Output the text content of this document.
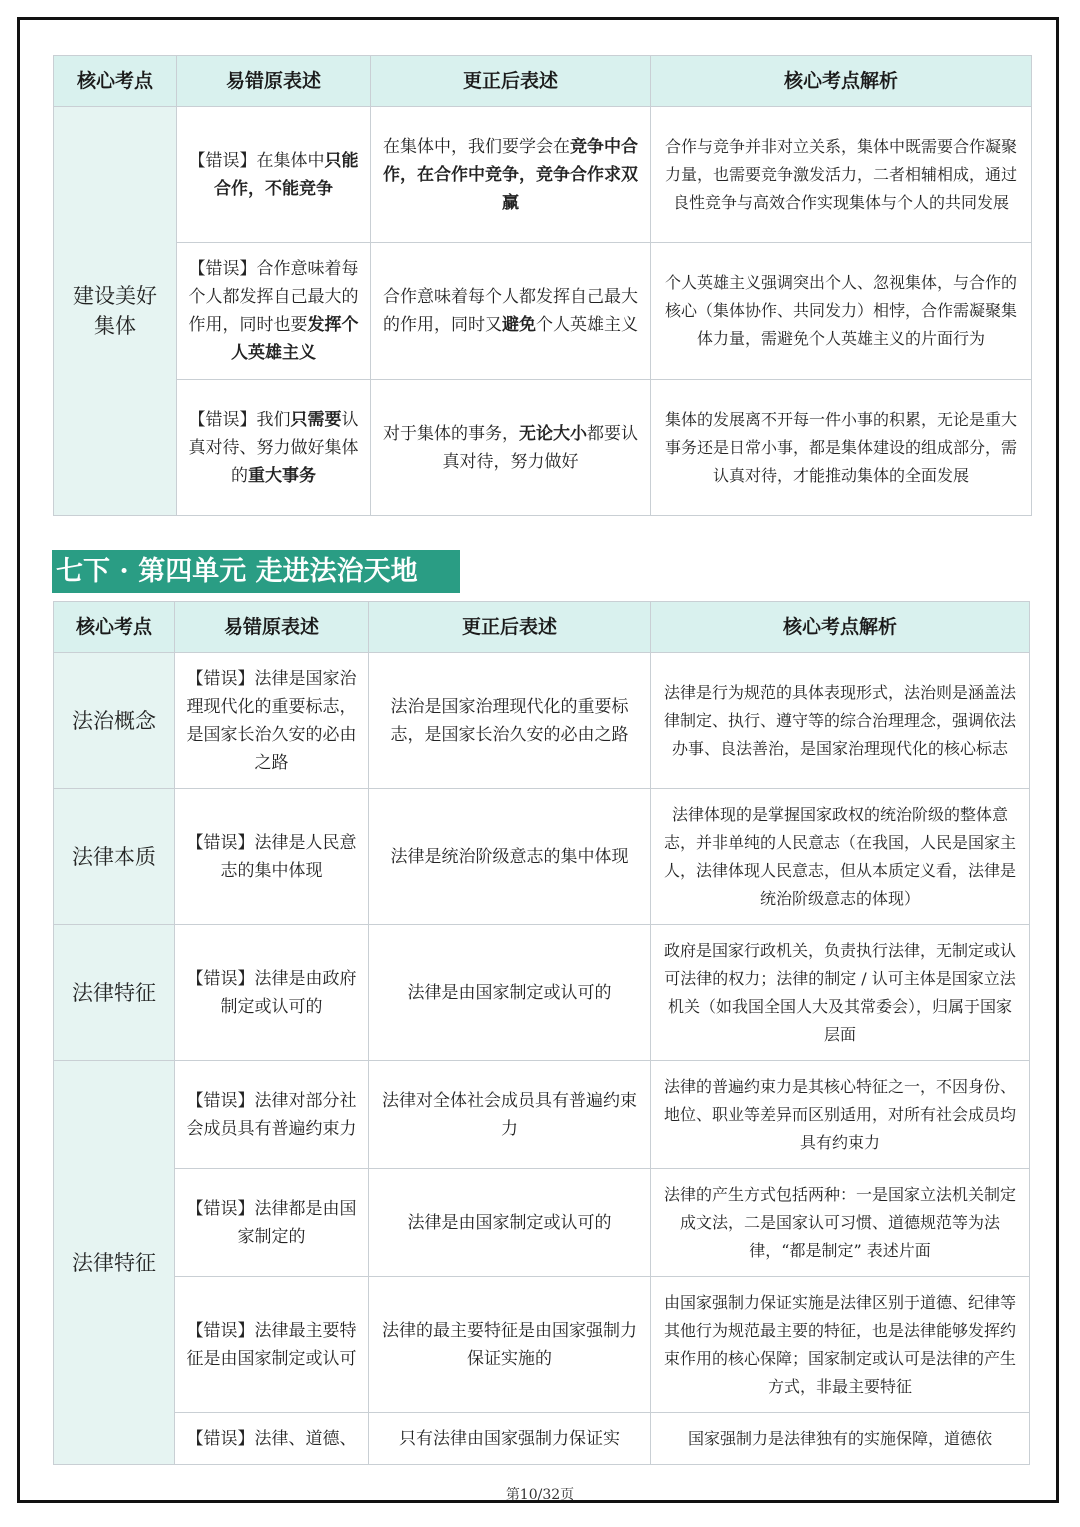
核心考点	易错原表述	更正后表述	核心考点解析
建设美好集体	【错误】在集体中只能合作，不能竞争	在集体中，我们要学会在竞争中合作，在合作中竞争，竞争合作求双赢	合作与竞争并非对立关系，集体中既需要合作凝聚力量，也需要竞争激发活力，二者相辅相成，通过良性竞争与高效合作实现集体与个人的共同发展
	【错误】合作意味着每个人都发挥自己最大的作用，同时也要发挥个人英雄主义	合作意味着每个人都发挥自己最大的作用，同时又避免个人英雄主义	个人英雄主义强调突出个人、忽视集体，与合作的核心（集体协作、共同发力）相悖，合作需凝聚集体力量，需避免个人英雄主义的片面行为
	【错误】我们只需要认真对待、努力做好集体的重大事务	对于集体的事务，无论大小都要认真对待，努力做好	集体的发展离不开每一件小事的积累，无论是重大事务还是日常小事，都是集体建设的组成部分，需认真对待，才能推动集体的全面发展
七下 · 第四单元 走进法治天地
核心考点	易错原表述	更正后表述	核心考点解析
法治概念	【错误】法律是国家治理现代化的重要标志，是国家长治久安的必由之路	法治是国家治理现代化的重要标志，是国家长治久安的必由之路	法律是行为规范的具体表现形式，法治则是涵盖法律制定、执行、遵守等的综合治理理念，强调依法办事、良法善治，是国家治理现代化的核心标志
法律本质	【错误】法律是人民意志的集中体现	法律是统治阶级意志的集中体现	法律体现的是掌握国家政权的统治阶级的整体意志，并非单纯的人民意志（在我国，人民是国家主人，法律体现人民意志，但从本质定义看，法律是统治阶级意志的体现）
法律特征	【错误】法律是由政府制定或认可的	法律是由国家制定或认可的	政府是国家行政机关，负责执行法律，无制定或认可法律的权力；法律的制定 / 认可主体是国家立法机关（如我国全国人大及其常委会），归属于国家层面
法律特征	【错误】法律对部分社会成员具有普遍约束力	法律对全体社会成员具有普遍约束力	法律的普遍约束力是其核心特征之一，不因身份、地位、职业等差异而区别适用，对所有社会成员均具有约束力
	【错误】法律都是由国家制定的	法律是由国家制定或认可的	法律的产生方式包括两种：一是国家立法机关制定成文法，二是国家认可习惯、道德规范等为法律，“都是制定” 表述片面
	【错误】法律最主要特征是由国家制定或认可	法律的最主要特征是由国家强制力保证实施的	由国家强制力保证实施是法律区别于道德、纪律等其他行为规范最主要的特征，也是法律能够发挥约束作用的核心保障；国家制定或认可是法律的产生方式，非最主要特征
	【错误】法律、道德、	只有法律由国家强制力保证实	国家强制力是法律独有的实施保障，道德依
第10/32页
